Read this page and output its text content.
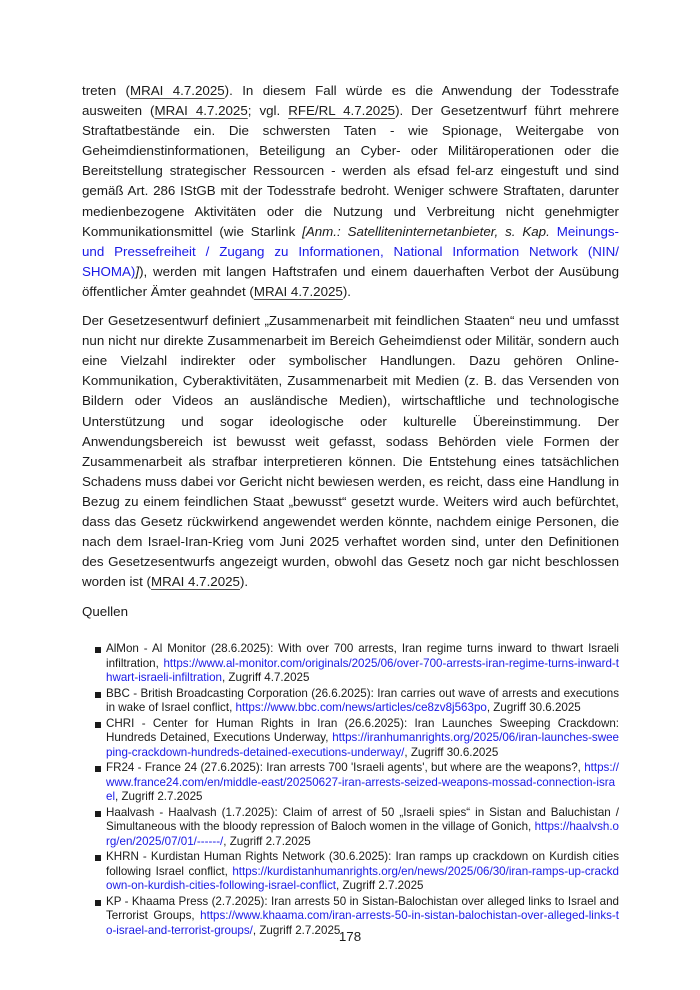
treten (MRAI 4.7.2025). In diesem Fall würde es die Anwendung der Todesstrafe ausweiten (MRAI 4.7.2025; vgl. RFE/RL 4.7.2025). Der Gesetzentwurf führt mehrere Straftatbestände ein. Die schwersten Taten - wie Spionage, Weitergabe von Geheimdienstinformationen, Beteiligung an Cyber- oder Militäroperationen oder die Bereitstellung strategischer Ressourcen - werden als efsad fel-arz eingestuft und sind gemäß Art. 286 IStGB mit der Todesstrafe bedroht. Weniger schwere Straftaten, darunter medienbezogene Aktivitäten oder die Nutzung und Verbreitung nicht genehmigter Kommunikationsmittel (wie Starlink [Anm.: Satelliteninternetanbieter, s. Kap. Meinungs- und Pressefreiheit / Zugang zu Informationen, National Information Network (NIN/ SHOMA)]), werden mit langen Haftstrafen und einem dauerhaften Verbot der Ausübung öffentlicher Ämter geahndet (MRAI 4.7.2025).

Der Gesetzesentwurf definiert „Zusammenarbeit mit feindlichen Staaten“ neu und umfasst nun nicht nur direkte Zusammenarbeit im Bereich Geheimdienst oder Militär, sondern auch eine Vielzahl indirekter oder symbolischer Handlungen. Dazu gehören Online-Kommunikation, Cyberaktivitäten, Zusammenarbeit mit Medien (z. B. das Versenden von Bildern oder Videos an ausländische Medien), wirtschaftliche und technologische Unterstützung und sogar ideologische oder kulturelle Übereinstimmung. Der Anwendungsbereich ist bewusst weit gefasst, sodass Behörden viele Formen der Zusammenarbeit als strafbar interpretieren können. Die Entstehung eines tatsächlichen Schadens muss dabei vor Gericht nicht bewiesen werden, es reicht, dass eine Handlung in Bezug zu einem feindlichen Staat „bewusst“ gesetzt wurde. Weiters wird auch befürchtet, dass das Gesetz rückwirkend angewendet werden könnte, nachdem einige Personen, die nach dem Israel-Iran-Krieg vom Juni 2025 verhaftet worden sind, unter den Definitionen des Gesetzesentwurfs angezeigt wurden, obwohl das Gesetz noch gar nicht beschlossen worden ist (MRAI 4.7.2025).

Quellen

AlMon - Al Monitor (28.6.2025): With over 700 arrests, Iran regime turns inward to thwart Israeli infiltration, https://www.al-monitor.com/originals/2025/06/over-700-arrests-iran-regime-turns-inward-thwart-israeli-infiltration, Zugriff 4.7.2025
BBC - British Broadcasting Corporation (26.6.2025): Iran carries out wave of arrests and executions in wake of Israel conflict, https://www.bbc.com/news/articles/ce8zv8j563po, Zugriff 30.6.2025
CHRI - Center for Human Rights in Iran (26.6.2025): Iran Launches Sweeping Crackdown: Hundreds Detained, Executions Underway, https://iranhumanrights.org/2025/06/iran-launches-sweeping-crackdown-hundreds-detained-executions-underway/, Zugriff 30.6.2025
FR24 - France 24 (27.6.2025): Iran arrests 700 'Israeli agents', but where are the weapons?, https://www.france24.com/en/middle-east/20250627-iran-arrests-seized-weapons-mossad-connection-israel, Zugriff 2.7.2025
Haalvash - Haalvash (1.7.2025): Claim of arrest of 50 „Israeli spies“ in Sistan and Baluchistan / Simultaneous with the bloody repression of Baloch women in the village of Gonich, https://haalvsh.org/en/2025/07/01/------/, Zugriff 2.7.2025
KHRN - Kurdistan Human Rights Network (30.6.2025): Iran ramps up crackdown on Kurdish cities following Israel conflict, https://kurdistanhumanrights.org/en/news/2025/06/30/iran-ramps-up-crackdown-on-kurdish-cities-following-israel-conflict, Zugriff 2.7.2025
KP - Khaama Press (2.7.2025): Iran arrests 50 in Sistan-Balochistan over alleged links to Israel and Terrorist Groups, https://www.khaama.com/iran-arrests-50-in-sistan-balochistan-over-alleged-links-to-israel-and-terrorist-groups/, Zugriff 2.7.2025
178
